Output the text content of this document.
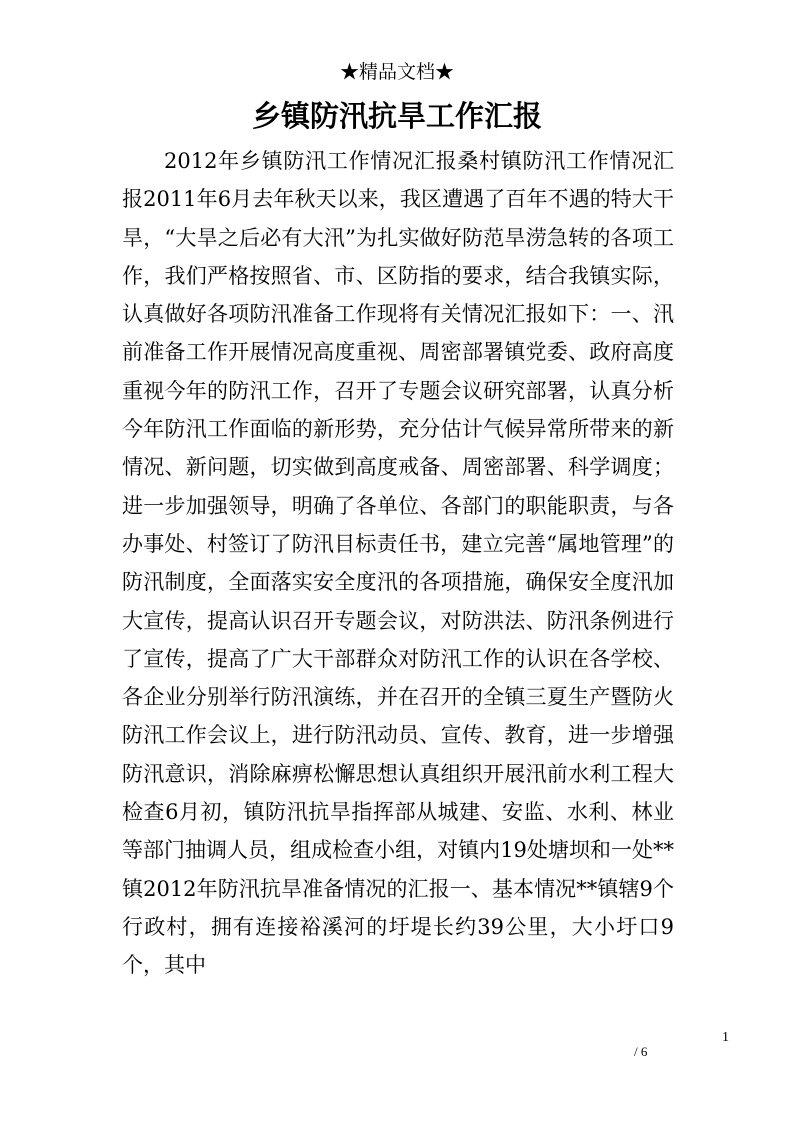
★精品文档★
乡镇防汛抗旱工作汇报

2012年乡镇防汛工作情况汇报桑村镇防汛工作情况汇报2011年6月去年秋天以来，我区遭遇了百年不遇的特大干旱，“大旱之后必有大汛”为扎实做好防范旱涝急转的各项工作，我们严格按照省、市、区防指的要求，结合我镇实际，认真做好各项防汛准备工作现将有关情况汇报如下：一、汛前准备工作开展情况高度重视、周密部署镇党委、政府高度重视今年的防汛工作，召开了专题会议研究部署，认真分析今年防汛工作面临的新形势，充分估计气候异常所带来的新情况、新问题，切实做到高度戒备、周密部署、科学调度；进一步加强领导，明确了各单位、各部门的职能职责，与各办事处、村签订了防汛目标责任书，建立完善“属地管理”的防汛制度，全面落实安全度汛的各项措施，确保安全度汛加大宣传，提高认识召开专题会议，对防洪法、防汛条例进行了宣传，提高了广大干部群众对防汛工作的认识在各学校、各企业分别举行防汛演练，并在召开的全镇三夏生产暨防火防汛工作会议上，进行防汛动员、宣传、教育，进一步增强防汛意识，消除麻痹松懈思想认真组织开展汛前水利工程大检查6月初，镇防汛抗旱指挥部从城建、安监、水利、林业等部门抽调人员，组成检查小组，对镇内19处塘坝和一处**镇2012年防汛抗旱准备情况的汇报一、基本情况**镇辖9个行政村，拥有连接裕溪河的圩堤长约39公里，大小圩口9个，其中

1
/ 6
